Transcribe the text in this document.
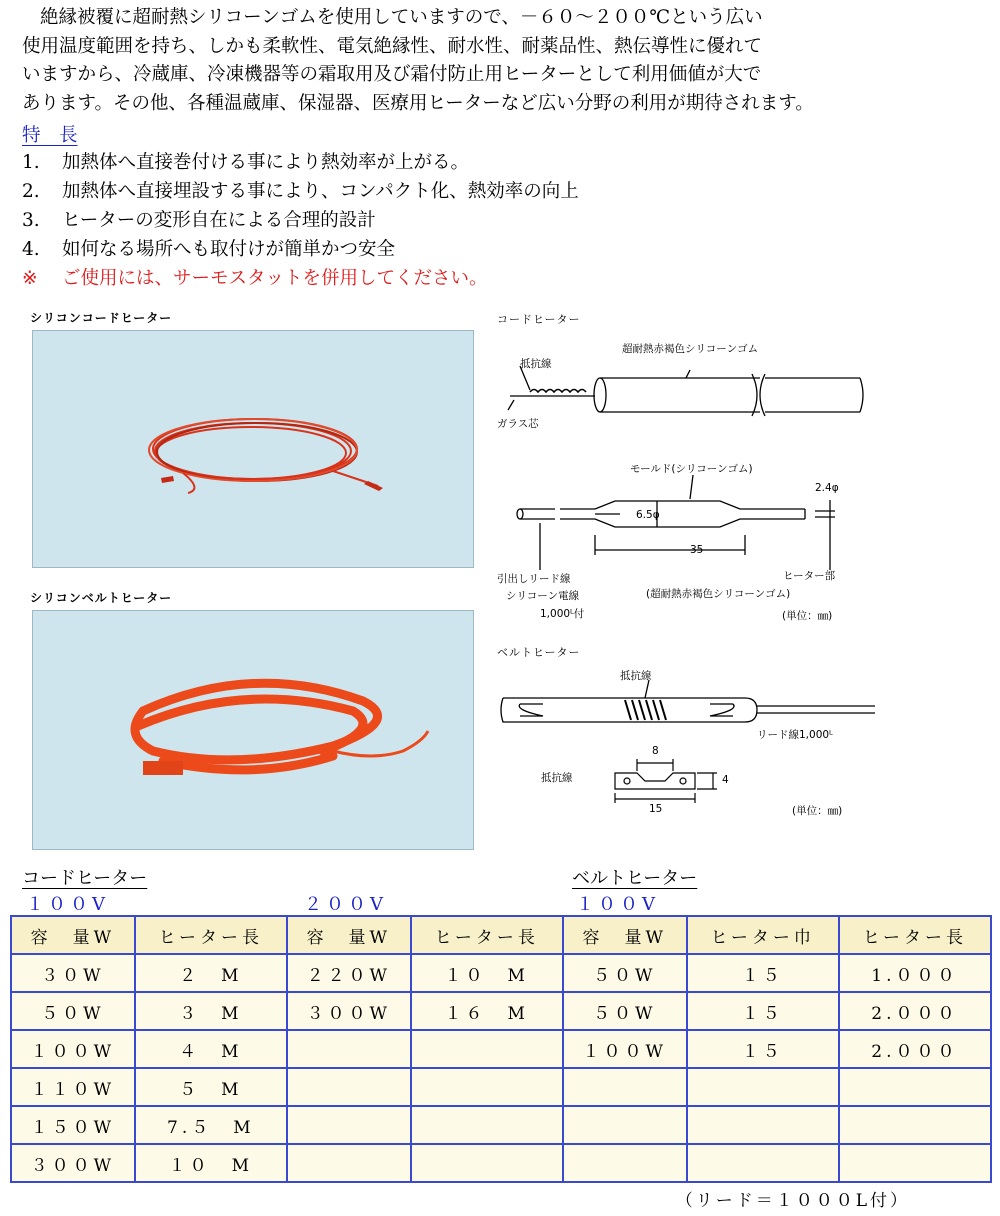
絶縁被覆に超耐熱シリコーンゴムを使用していますので、－６０～２００℃という広い

使用温度範囲を持ち、しかも柔軟性、電気絶縁性、耐水性、耐薬品性、熱伝導性に優れて

いますから、冷蔵庫、冷凍機器等の霜取用及び霜付防止用ヒーターとして利用価値が大で

あります。その他、各種温蔵庫、保湿器、医療用ヒーターなど広い分野の利用が期待されます。

特　長
1. 加熱体へ直接巻付ける事により熱効率が上がる。
2. 加熱体へ直接埋設する事により、コンパクト化、熱効率の向上
3. ヒーターの変形自在による合理的設計
4. 如何なる場所へも取付けが簡単かつ安全
※ ご使用には、サーモスタットを併用してください。
シリコンコードヒーター
シリコンベルトヒーター
コードヒーター
超耐熱赤褐色シリコーンゴム
抵抗線
ガラス芯
モールド(シリコーンゴム)
2.4φ
6.5φ
35
引出しリード線
シリコーン電線
1,000ᴸ付
ヒーター部
(超耐熱赤褐色シリコーンゴム)
(単位：㎜)
ベルトヒーター
抵抗線
リード線1,000ᴸ
抵抗線
8
4
15	(単位：㎜)
コードヒーター
１００V	２００V
ベルトヒーター
１００V
容　量W	ヒーター長	容　量W	ヒーター長	容　量W	ヒーター巾	ヒーター長
３０W	２　M	２２０W	１０　M	５０W	１５	1.０００
５０W	３　M	３００W	１６　M	５０W	１５	2.０００
１００W	４　M			１００W	１５	2.０００
１１０W	５　M					
１５０W	7.５　M					
３００W	１０　M					
（リード＝１０００L付）
